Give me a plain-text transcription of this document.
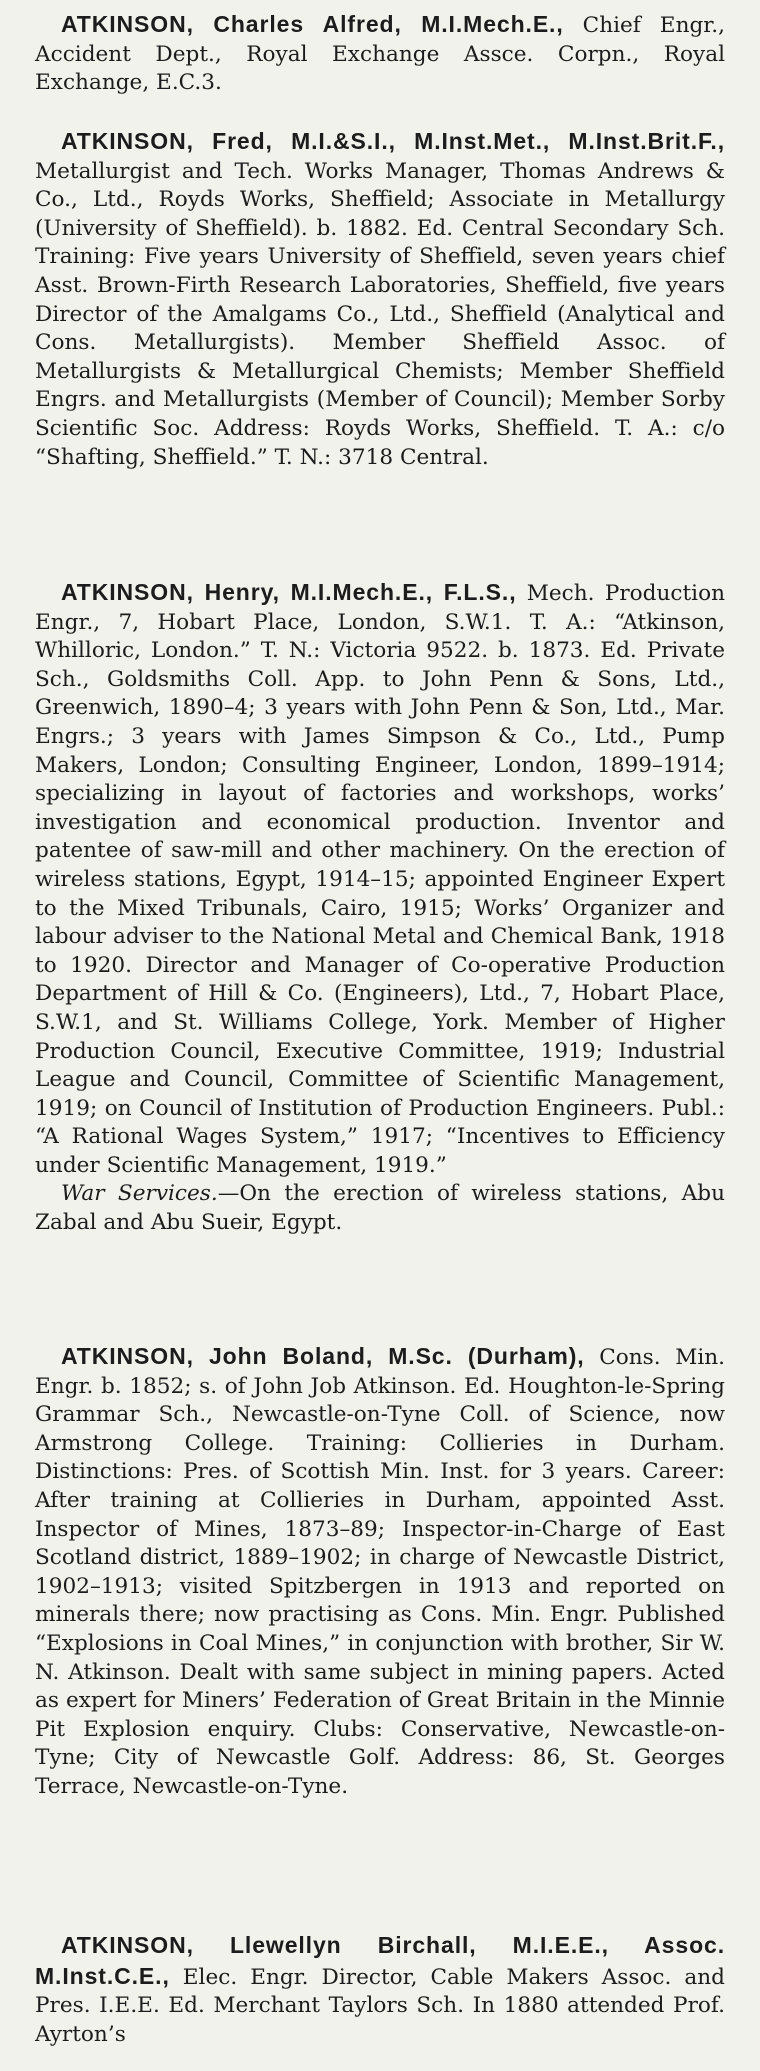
ATKINSON, Charles Alfred, M.I.Mech.E., Chief Engr., Accident Dept., Royal Exchange Assce. Corpn., Royal Exchange, E.C.3.

ATKINSON, Fred, M.I.&S.I., M.Inst.Met., M.Inst.Brit.F., Metallurgist and Tech. Works Manager, Thomas Andrews & Co., Ltd., Royds Works, Sheffield; Associate in Metallurgy (University of Sheffield). b. 1882. Ed. Central Secondary Sch. Training: Five years University of Sheffield, seven years chief Asst. Brown-Firth Research Laboratories, Sheffield, five years Director of the Amalgams Co., Ltd., Sheffield (Analytical and Cons. Metallurgists). Member Sheffield Assoc. of Metallurgists & Metallurgical Chemists; Member Sheffield Engrs. and Metallurgists (Member of Council); Member Sorby Scientific Soc. Address: Royds Works, Sheffield. T. A.: c/o “Shafting, Sheffield.” T. N.: 3718 Central.

ATKINSON, Henry, M.I.Mech.E., F.L.S., Mech. Production Engr., 7, Hobart Place, London, S.W.1. T. A.: “Atkinson, Whilloric, London.” T. N.: Victoria 9522. b. 1873. Ed. Private Sch., Goldsmiths Coll. App. to John Penn & Sons, Ltd., Greenwich, 1890–4; 3 years with John Penn & Son, Ltd., Mar. Engrs.; 3 years with James Simpson & Co., Ltd., Pump Makers, London; Consulting Engineer, London, 1899–1914; specializing in layout of factories and workshops, works’ investigation and economical production. Inventor and patentee of saw-mill and other machinery. On the erection of wireless stations, Egypt, 1914–15; appointed Engineer Expert to the Mixed Tribunals, Cairo, 1915; Works’ Organizer and labour adviser to the National Metal and Chemical Bank, 1918 to 1920. Director and Manager of Co-operative Production Department of Hill & Co. (Engineers), Ltd., 7, Hobart Place, S.W.1, and St. Williams College, York. Member of Higher Production Council, Executive Committee, 1919; Industrial League and Council, Committee of Scientific Management, 1919; on Council of Institution of Production Engineers. Publ.: “A Rational Wages System,” 1917; “Incentives to Efficiency under Scientific Management, 1919.”
War Services.—On the erection of wireless stations, Abu Zabal and Abu Sueir, Egypt.

ATKINSON, John Boland, M.Sc. (Durham), Cons. Min. Engr. b. 1852; s. of John Job Atkinson. Ed. Houghton-le-Spring Grammar Sch., Newcastle-on-Tyne Coll. of Science, now Armstrong College. Training: Collieries in Durham. Distinctions: Pres. of Scottish Min. Inst. for 3 years. Career: After training at Collieries in Durham, appointed Asst. Inspector of Mines, 1873–89; Inspector-in-Charge of East Scotland district, 1889–1902; in charge of Newcastle District, 1902–1913; visited Spitzbergen in 1913 and reported on minerals there; now practising as Cons. Min. Engr. Published “Explosions in Coal Mines,” in conjunction with brother, Sir W. N. Atkinson. Dealt with same subject in mining papers. Acted as expert for Miners’ Federation of Great Britain in the Minnie Pit Explosion enquiry. Clubs: Conservative, Newcastle-on-Tyne; City of Newcastle Golf. Address: 86, St. Georges Terrace, Newcastle-on-Tyne.

ATKINSON, Llewellyn Birchall, M.I.E.E., Assoc. M.Inst.C.E., Elec. Engr. Director, Cable Makers Assoc. and Pres. I.E.E. Ed. Merchant Taylors Sch. In 1880 attended Prof. Ayrton’s
